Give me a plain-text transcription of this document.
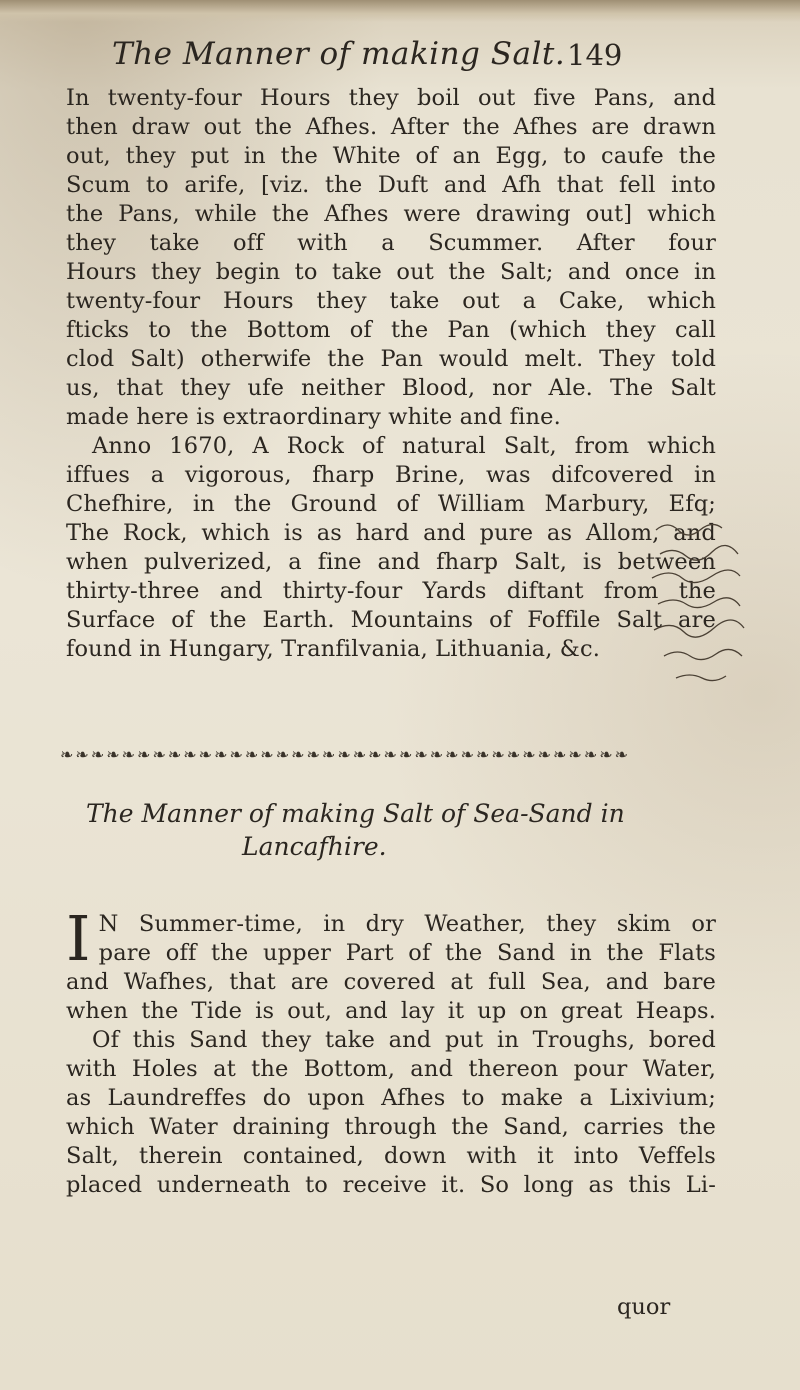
The Manner of making Salt. 149
In twenty-four Hours they boil out five Pans, and
then draw out the Afhes. After the Afhes are drawn
out, they put in the White of an Egg, to caufe the
Scum to arife, [viz. the Duft and Afh that fell into
the Pans, while the Afhes were drawing out] which
they take off with a Scummer. After four
Hours they begin to take out the Salt; and once in
twenty-four Hours they take out a Cake, which
fticks to the Bottom of the Pan (which they call
clod Salt) otherwife the Pan would melt. They told
us, that they ufe neither Blood, nor Ale. The Salt
made here is extraordinary white and fine.
Anno 1670, A Rock of natural Salt, from which
iffues a vigorous, fharp Brine, was difcovered in
Chefhire, in the Ground of William Marbury, Efq;
The Rock, which is as hard and pure as Allom, and
when pulverized, a fine and fharp Salt, is between
thirty-three and thirty-four Yards diftant from the
Surface of the Earth. Mountains of Foffile Salt are
found in Hungary, Tranfilvania, Lithuania, &c.
❧❧❧❧❧❧❧❧❧❧❧❧❧❧❧❧❧❧❧❧❧❧❧❧❧❧❧❧❧❧❧❧❧❧❧❧❧
The Manner of making Salt of Sea-Sand in
Lancafhire.
I N Summer-time, in dry Weather, they skim or
pare off the upper Part of the Sand in the Flats
and Wafhes, that are covered at full Sea, and bare
when the Tide is out, and lay it up on great Heaps.
Of this Sand they take and put in Troughs, bored
with Holes at the Bottom, and thereon pour Water,
as Laundreffes do upon Afhes to make a Lixivium;
which Water draining through the Sand, carries the
Salt, therein contained, down with it into Veffels
placed underneath to receive it. So long as this Li-
quor
